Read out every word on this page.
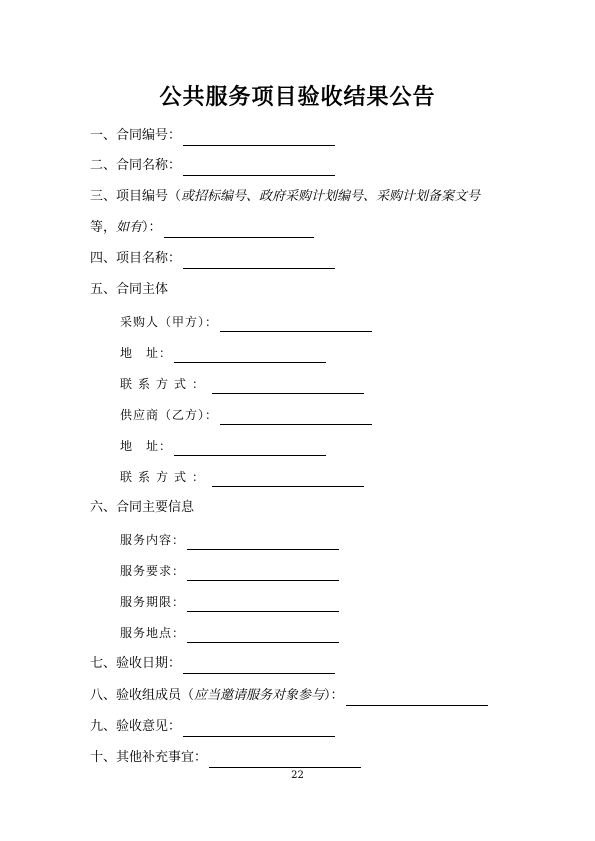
公共服务项目验收结果公告
一、合同编号：
二、合同名称：
三、项目编号（或招标编号、政府采购计划编号、采购计划备案文号
等，如有）：
四、项目名称：
五、合同主体
采购人（甲方）：
地　址：
联系方式：
供应商（乙方）：
地　址：
联系方式：
六、合同主要信息
服务内容：
服务要求：
服务期限：
服务地点：
七、验收日期：
八、验收组成员（应当邀请服务对象参与）：
九、验收意见：
十、其他补充事宜：
22
